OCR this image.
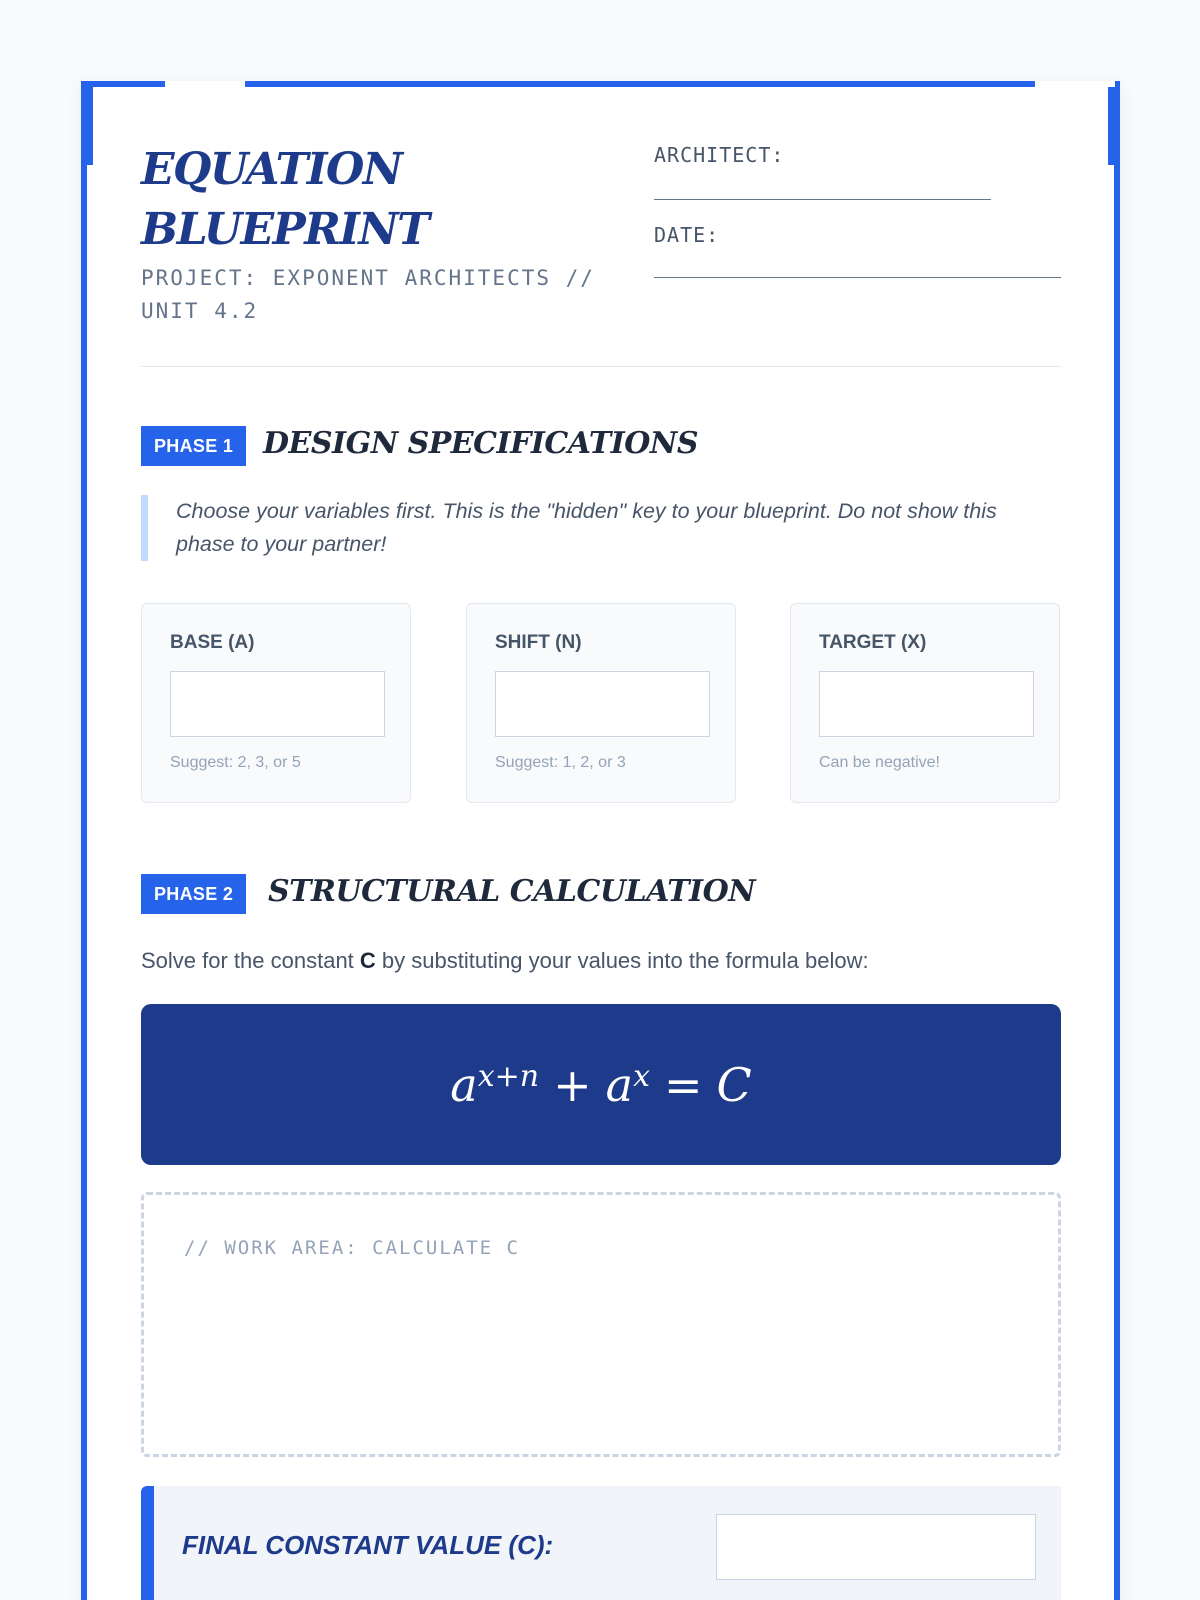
EQUATION
BLUEPRINT
PROJECT: EXPONENT ARCHITECTS // UNIT 4.2
ARCHITECT:
DATE:
PHASE 1 DESIGN SPECIFICATIONS
Choose your variables first. This is the "hidden" key to your blueprint. Do not show this phase to your partner!
BASE (A)
Suggest: 2, 3, or 5
SHIFT (N)
Suggest: 1, 2, or 3
TARGET (X)
Can be negative!
PHASE 2	STRUCTURAL CALCULATION
Solve for the constant C by substituting your values into the formula below:
$a^{x+n} + a^x = C$
// WORK AREA: CALCULATE C
FINAL CONSTANT VALUE (C):
